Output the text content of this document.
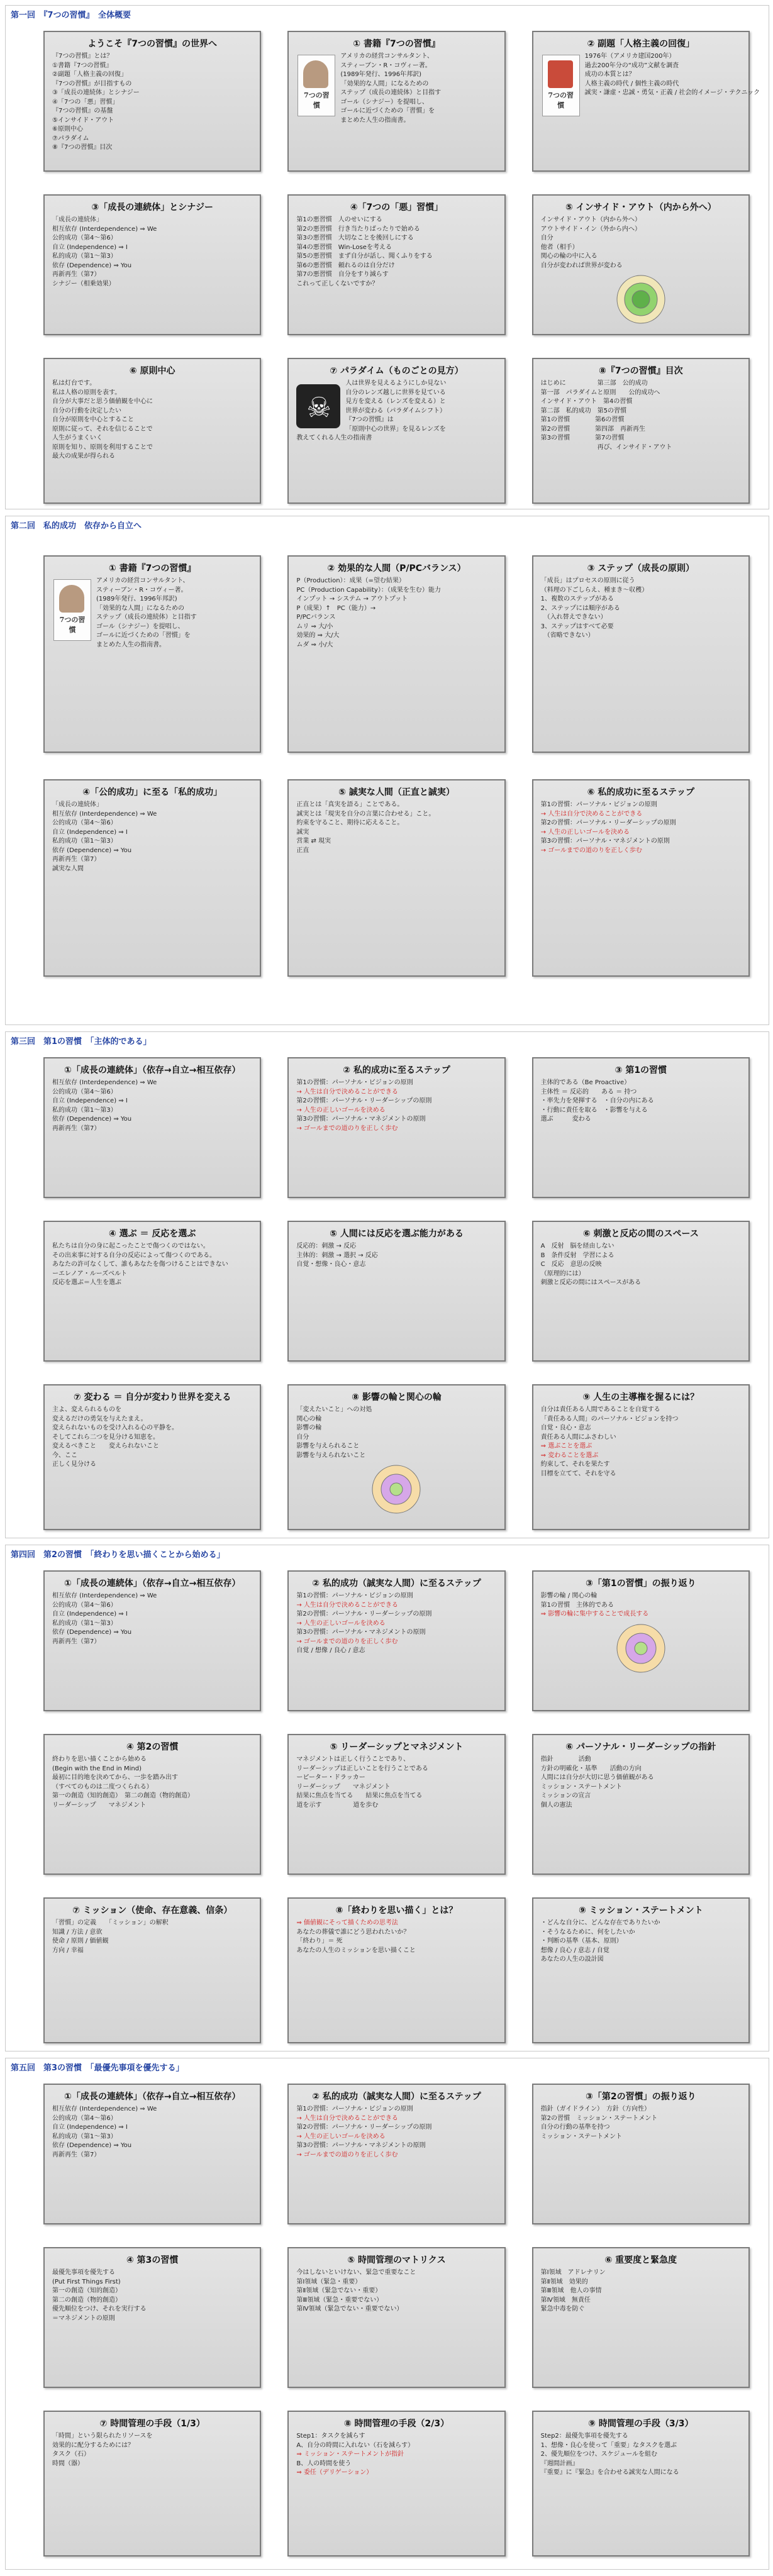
第一回　『7つの習慣』　全体概要
ようこそ『7つの習慣』の世界へ
『7つの習慣』とは？
①書籍『7つの習慣』
②副題「人格主義の回復」
『7つの習慣』が目指すもの
③「成長の連続体」とシナジー
④「7つの「悪」習慣」
『7つの習慣』の基盤
⑤インサイド・アウト
⑥原則中心
⑦パラダイム
⑧『7つの習慣』目次
① 書籍『7つの習慣』
7つの習慣
アメリカの経営コンサルタント、
スティーブン・R・コヴィー著。
(1989年発行、1996年邦訳)
「効果的な人間」になるための
ステップ（成長の連続体）と目指す
ゴール（シナジー）を提唱し、
ゴールに近づくための「習慣」を
まとめた人生の指南書。
② 副題「人格主義の回復」
7つの習慣
1976年（アメリカ建国200年）
過去200年分の“成功”文献を調査
成功の本質とは？
人格主義の時代 / 個性主義の時代
誠実・謙虚・忠誠・勇気・正義 / 社会的イメージ・テクニック
③「成長の連続体」とシナジー
「成長の連続体」
相互依存 (Interdependence) ⇒ We
公的成功（第4〜第6）
自立 (Independence) ⇒ I
私的成功（第1〜第3）
依存 (Dependence) ⇒ You
再新再生（第7）
シナジー（相乗効果）
④「7つの「悪」習慣」
第1の悪習慣　人のせいにする
第2の悪習慣　行き当たりばったりで始める
第3の悪習慣　大切なことを後回しにする
第4の悪習慣　Win-Loseを考える
第5の悪習慣　まず自分が話し、聞くふりをする
第6の悪習慣　頼れるのは自分だけ
第7の悪習慣　自分をすり減らす
これって正しくないですか？
⑤ インサイド・アウト（内から外へ）
インサイド・アウト（内から外へ）
アウトサイド・イン（外から内へ）
自分
他者（相手）
関心の輪の中に入る
自分が変われば世界が変わる
⑥ 原則中心
私は灯台です。
私は人格の原則を表す。
自分が大事だと思う価値観を中心に
自分の行動を決定したい
自分が原則を中心とすること
原則に従って、それを信じることで
人生がうまくいく
原則を知り、原則を利用することで
最大の成果が得られる
⑦ パラダイム（ものごとの見方）
☠
人は世界を見えるようにしか見ない
自分のレンズ越しに世界を見ている
見方を変える（レンズを変える）と
世界が変わる（パラダイムシフト）
『7つの習慣』は
「原則中心の世界」を見るレンズを
教えてくれる人生の指南書
⑧『7つの習慣』目次
はじめに　　　　　第三部　公的成功
第一部　パラダイムと原則　　公的成功へ
インサイド・アウト　第4の習慣
第二部　私的成功　第5の習慣
第1の習慣　　　　第6の習慣
第2の習慣　　　　第四部　再新再生
第3の習慣　　　　第7の習慣
　　　　　　　　　再び、インサイド・アウト
第二回　私的成功　依存から自立へ
① 書籍『7つの習慣』
7つの習慣
アメリカの経営コンサルタント、
スティーブン・R・コヴィー著。
(1989年発行、1996年邦訳)
「効果的な人間」になるための
ステップ（成長の連続体）と目指す
ゴール（シナジー）を提唱し、
ゴールに近づくための「習慣」を
まとめた人生の指南書。
② 効果的な人間（P/PCバランス）
P（Production）：成果（=望む結果）
PC（Production Capability）：（成果を生む）能力
インプット → システム → アウトプット
P（成果）↑　PC（能力）→
P/PCバランス
ムリ ⇒ 大/小
効果的 ⇒ 大/大
ムダ ⇒ 小/大
③ ステップ（成長の原則）
「成長」はプロセスの原則に従う
（料理の下ごしらえ、種まき〜収穫）
1、複数のステップがある
2、ステップには順序がある
　（入れ替えできない）
3、ステップはすべて必要
　（省略できない）
④「公的成功」に至る「私的成功」
「成長の連続体」
相互依存 (Interdependence) ⇒ We
公的成功（第4〜第6）
自立 (Independence) ⇒ I
私的成功（第1〜第3）
依存 (Dependence) ⇒ You
再新再生（第7）
誠実な人間
⑤ 誠実な人間（正直と誠実）
正直とは「真実を語る」ことである。
誠実とは「現実を自分の言葉に合わせる」こと。
約束を守ること、期待に応えること。
誠実
営業 ⇄ 現実
正直
⑥ 私的成功に至るステップ
第1の習慣：パーソナル・ビジョンの原則
→ 人生は自分で決めることができる
第2の習慣：パーソナル・リーダーシップの原則
→ 人生の正しいゴールを決める
第3の習慣：パーソナル・マネジメントの原則
→ ゴールまでの道のりを正しく歩む
第三回　第1の習慣　「主体的である」
①「成長の連続体」（依存→自立→相互依存）
相互依存 (Interdependence) ⇒ We
公的成功（第4〜第6）
自立 (Independence) ⇒ I
私的成功（第1〜第3）
依存 (Dependence) ⇒ You
再新再生（第7）
② 私的成功に至るステップ
第1の習慣：パーソナル・ビジョンの原則
→ 人生は自分で決めることができる
第2の習慣：パーソナル・リーダーシップの原則
→ 人生の正しいゴールを決める
第3の習慣：パーソナル・マネジメントの原則
→ ゴールまでの道のりを正しく歩む
③ 第1の習慣
主体的である（Be Proactive）
主体性 ＝ 反応的　　ある ＝ 持つ
・率先力を発揮する　・自分の内にある
・行動に責任を取る　・影響を与える
選ぶ　　　変わる
④ 選ぶ ＝ 反応を選ぶ
私たちは自分の身に起こったことで傷つくのではない。
その出来事に対する自分の反応によって傷つくのである。
あなたの許可なくして、誰もあなたを傷つけることはできない
ーエレノア・ルーズベルト
反応を選ぶ＝人生を選ぶ
⑤ 人間には反応を選ぶ能力がある
反応的：刺激 → 反応
主体的：刺激 → 選択 → 反応
自覚・想像・良心・意志
⑥ 刺激と反応の間のスペース
A　反射　脳を経由しない
B　条件反射　学習による
C　反応　意思の反映
（原理的には）
刺激と反応の間にはスペースがある
⑦ 変わる ＝ 自分が変わり世界を変える
主よ、変えられるものを
変えるだけの勇気を与えたまえ。
変えられないものを受け入れる心の平静を。
そしてこれら二つを見分ける知恵を。
変えるべきこと　　変えられないこと
今、ここ
正しく見分ける
⑧ 影響の輪と関心の輪
「変えたいこと」への対処
関心の輪
影響の輪
自分
影響を与えられること
影響を与えられないこと
⑨ 人生の主導権を握るには？
自分は責任ある人間であることを自覚する
「責任ある人間」のパーソナル・ビジョンを持つ
自覚・良心・意志
責任ある人間にふさわしい
⇒ 選ぶことを選ぶ
⇒ 変わることを選ぶ
約束して、それを果たす
目標を立てて、それを守る
第四回　第2の習慣　「終わりを思い描くことから始める」
①「成長の連続体」（依存→自立→相互依存）
相互依存 (Interdependence) ⇒ We
公的成功（第4〜第6）
自立 (Independence) ⇒ I
私的成功（第1〜第3）
依存 (Dependence) ⇒ You
再新再生（第7）
② 私的成功（誠実な人間）に至るステップ
第1の習慣：パーソナル・ビジョンの原則
→ 人生は自分で決めることができる
第2の習慣：パーソナル・リーダーシップの原則
→ 人生の正しいゴールを決める
第3の習慣：パーソナル・マネジメントの原則
→ ゴールまでの道のりを正しく歩む
自覚 / 想像 / 良心 / 意志
③「第1の習慣」の振り返り
影響の輪 / 関心の輪
第1の習慣　主体的である
⇒ 影響の輪に集中することで成長する
④ 第2の習慣
終わりを思い描くことから始める
(Begin with the End in Mind)
最初に目的地を決めてから、一歩を踏み出す
（すべてのものは二度つくられる）
第一の創造（知的創造）　第二の創造（物的創造）
リーダーシップ　　マネジメント
⑤ リーダーシップとマネジメント
マネジメントは正しく行うことであり、
リーダーシップは正しいことを行うことである
ーピーター・ドラッカー
リーダーシップ　　マネジメント
結果に焦点を当てる　　結果に焦点を当てる
道を示す　　　　　道を歩む
⑥ パーソナル・リーダーシップの指針
指針　　　　活動
方針の明確化・基準　　活動の方向
人間には自分が大切に思う価値観がある
ミッション・ステートメント
ミッションの宣言
個人の憲法
⑦ ミッション（使命、存在意義、信条）
「習慣」の定義　　「ミッション」の解釈
知識 / 方法 / 意欲
使命 / 原則 / 価値観
方向 / 幸福
⑧「終わりを思い描く」とは？
⇒ 価値観にそって描くための思考法
あなたの葬儀で誰にどう思われたいか？
「終わり」＝ 死
あなたの人生のミッションを思い描くこと
⑨ ミッション・ステートメント
・どんな自分に、どんな存在でありたいか
・そうなるために、何をしたいか
・判断の基準（基本、原則）
想像 / 良心 / 意志 / 自覚
あなたの人生の設計図
第五回　第3の習慣　「最優先事項を優先する」
①「成長の連続体」（依存→自立→相互依存）
相互依存 (Interdependence) ⇒ We
公的成功（第4〜第6）
自立 (Independence) ⇒ I
私的成功（第1〜第3）
依存 (Dependence) ⇒ You
再新再生（第7）
② 私的成功（誠実な人間）に至るステップ
第1の習慣：パーソナル・ビジョンの原則
→ 人生は自分で決めることができる
第2の習慣：パーソナル・リーダーシップの原則
→ 人生の正しいゴールを決める
第3の習慣：パーソナル・マネジメントの原則
→ ゴールまでの道のりを正しく歩む
③「第2の習慣」の振り返り
指針（ガイドライン）　方針（方向性）
第2の習慣　ミッション・ステートメント
自分の行動の基準を持つ
ミッション・ステートメント
④ 第3の習慣
最優先事項を優先する
(Put First Things First)
第一の創造（知的創造）
第二の創造（物的創造）
優先順位をつけ、それを実行する
＝マネジメントの原則
⑤ 時間管理のマトリクス
今はしないといけない、緊急で重要なこと
第Ⅰ領域（緊急・重要）
第Ⅱ領域（緊急でない・重要）
第Ⅲ領域（緊急・重要でない）
第Ⅳ領域（緊急でない・重要でない）
⑥ 重要度と緊急度
第Ⅰ領域　アドレナリン
第Ⅱ領域　効果的
第Ⅲ領域　他人の事情
第Ⅳ領域　無責任
緊急中毒を防ぐ
⑦ 時間管理の手段（1/3）
「時間」という限られたリソースを
効果的に配分するためには？
タスク（石）
時間（器）
⑧ 時間管理の手段（2/3）
Step1：タスクを減らす
A、自分の時間に入れない（石を減らす）
⇒ ミッション・ステートメントが指針
B、人の時間を使う
⇒ 委任（デリゲーション）
⑨ 時間管理の手段（3/3）
Step2：最優先事項を優先する
1、想像・良心を使って「重要」なタスクを選ぶ
2、優先順位をつけ、スケジュールを組む
『週間計画』
『重要』に『緊急』を合わせる誠実な人間になる
